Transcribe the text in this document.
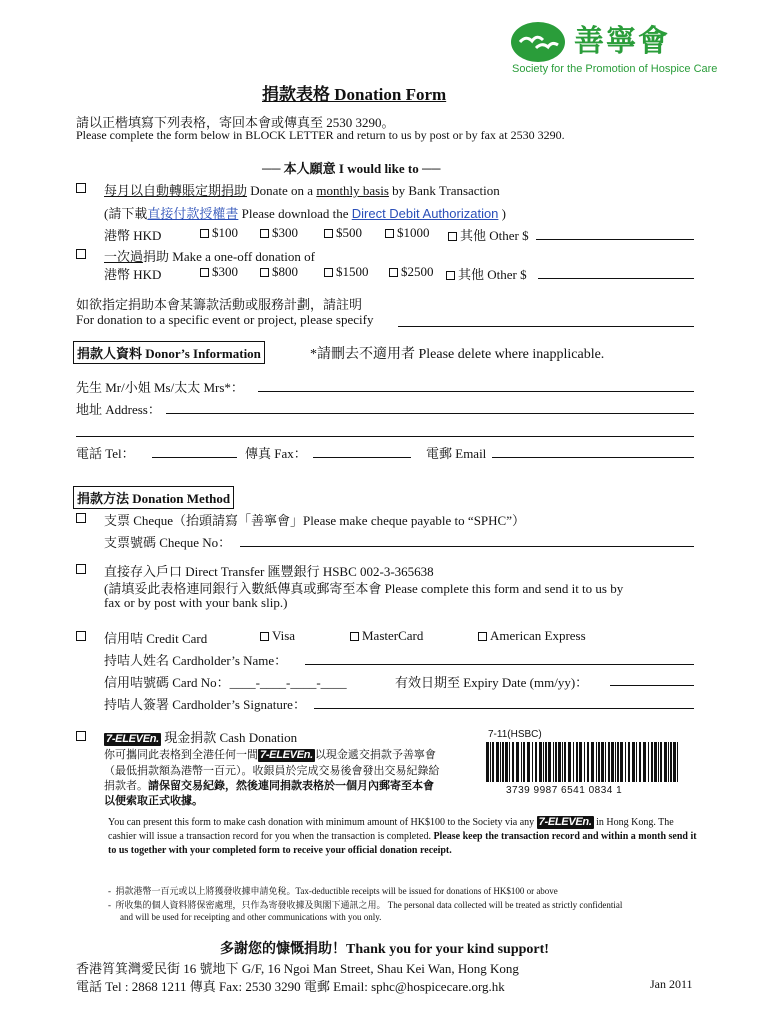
善寧會
Society for the Promotion of Hospice Care
捐款表格 Donation Form
請以正楷填寫下列表格，寄回本會或傳真至 2530 3290。
Please complete the form below in BLOCK LETTER and return to us by post or by fax at 2530 3290.
── 本人願意 I would like to ──
每月以自動轉賬定期捐助 Donate on a monthly basis by Bank Transaction
(請下載直接付款授權書 Please download the Direct Debit Authorization )
港幣 HKD	$100	$300	$500	$1000	其他 Other $
一次過捐助 Make a one-off donation of
港幣 HKD	$300	$800	$1500	$2500	其他 Other $
如欲指定捐助本會某籌款活動或服務計劃，請註明
For donation to a specific event or project, please specify
捐款人資料 Donor’s Information	*請刪去不適用者 Please delete where inapplicable.
先生 Mr/小姐 Ms/太太 Mrs*：
地址 Address：
電話 Tel：	傳真 Fax：	電郵 Email
捐款方法 Donation Method
支票 Cheque（抬頭請寫「善寧會」Please make cheque payable to “SPHC”）
支票號碼 Cheque No：
直接存入戶口 Direct Transfer 匯豐銀行 HSBC 002-3-365638
(請填妥此表格連同銀行入數紙傳真或郵寄至本會 Please complete this form and send it to us by
fax or by post with your bank slip.)
信用咭 Credit Card	Visa	MasterCard	American Express
持咭人姓名 Cardholder’s Name：
信用咭號碼 Card No：____-____-____-____	有效日期至 Expiry Date (mm/yy)：
持咭人簽署 Cardholder’s Signature：
7-ELEVEn. 現金捐款 Cash Donation
你可攜同此表格到全港任何一間 7-ELEVEn. 以現金遞交捐款予善寧會
（最低捐款額為港幣一百元）。收銀員於完成交易後會發出交易紀錄給
捐款者。請保留交易紀錄，然後連同捐款表格於一個月內郵寄至本會
以便索取正式收據。
7-11(HSBC)
3739 9987 6541 0834 1
You can present this form to make cash donation with minimum amount of HK$100 to the Society via any 7-ELEVEn. in Hong Kong. The cashier will issue a transaction record for you when the transaction is completed. Please keep the transaction record and within a month send it to us together with your completed form to receive your official donation receipt.
-  捐款港幣一百元或以上將獲發收據申請免稅。Tax-deductible receipts will be issued for donations of HK$100 or above
-  所收集的個人資料將保密處理，只作為寄發收據及與閣下通訊之用。 The personal data collected will be treated as strictly confidential
and will be used for receipting and other communications with you only.
多謝您的慷慨捐助！Thank you for your kind support!
香港筲箕灣愛民街 16 號地下 G/F, 16 Ngoi Man Street, Shau Kei Wan, Hong Kong
電話 Tel : 2868 1211 傳真 Fax: 2530 3290 電郵 Email: sphc@hospicecare.org.hk	Jan 2011
